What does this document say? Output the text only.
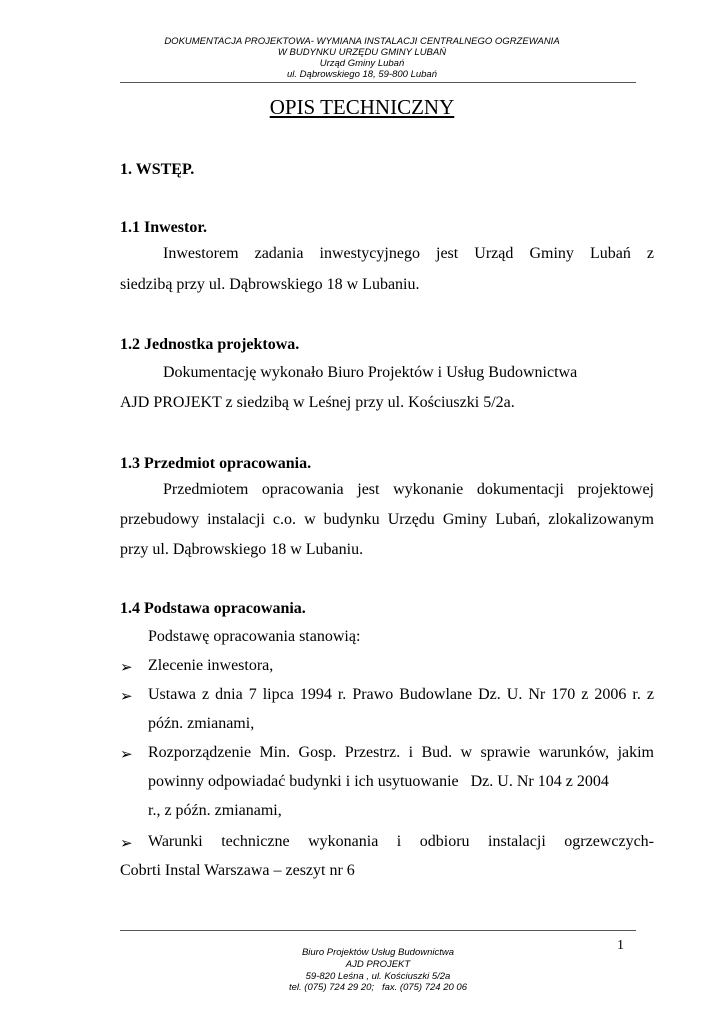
DOKUMENTACJA PROJEKTOWA- WYMIANA INSTALACJI CENTRALNEGO OGRZEWANIA
W BUDYNKU URZĘDU GMINY LUBAŃ
Urząd Gminy Lubań
ul. Dąbrowskiego 18, 59-800 Lubań
OPIS TECHNICZNY
1. WSTĘP.
1.1 Inwestor.
Inwestorem zadania inwestycyjnego jest Urząd Gminy Lubań z
siedzibą przy ul. Dąbrowskiego 18 w Lubaniu.
1.2 Jednostka projektowa.
Dokumentację wykonało Biuro Projektów i Usług Budownictwa
AJD PROJEKT z siedzibą w Leśnej przy ul. Kościuszki 5/2a.
1.3 Przedmiot opracowania.
Przedmiotem opracowania jest wykonanie dokumentacji projektowej
przebudowy instalacji c.o. w budynku Urzędu Gminy Lubań, zlokalizowanym
przy ul. Dąbrowskiego 18 w Lubaniu.
1.4 Podstawa opracowania.
Podstawę opracowania stanowią:
➢ Zlecenie inwestora,
➢ Ustawa z dnia 7 lipca 1994 r. Prawo Budowlane Dz. U. Nr 170 z 2006 r. z
późn. zmianami,
➢ Rozporządzenie Min. Gosp. Przestrz. i Bud. w sprawie warunków, jakim
powinny odpowiadać budynki i ich usytuowanie   Dz. U. Nr 104 z 2004
r., z późn. zmianami,
➢ Warunki techniczne wykonania i odbioru instalacji ogrzewczych-
Cobrti Instal Warszawa – zeszyt nr 6
1
Biuro Projektów Usług Budownictwa
AJD PROJEKT
59-820 Leśna , ul. Kościuszki 5/2a
tel. (075) 724 29 20;   fax. (075) 724 20 06
